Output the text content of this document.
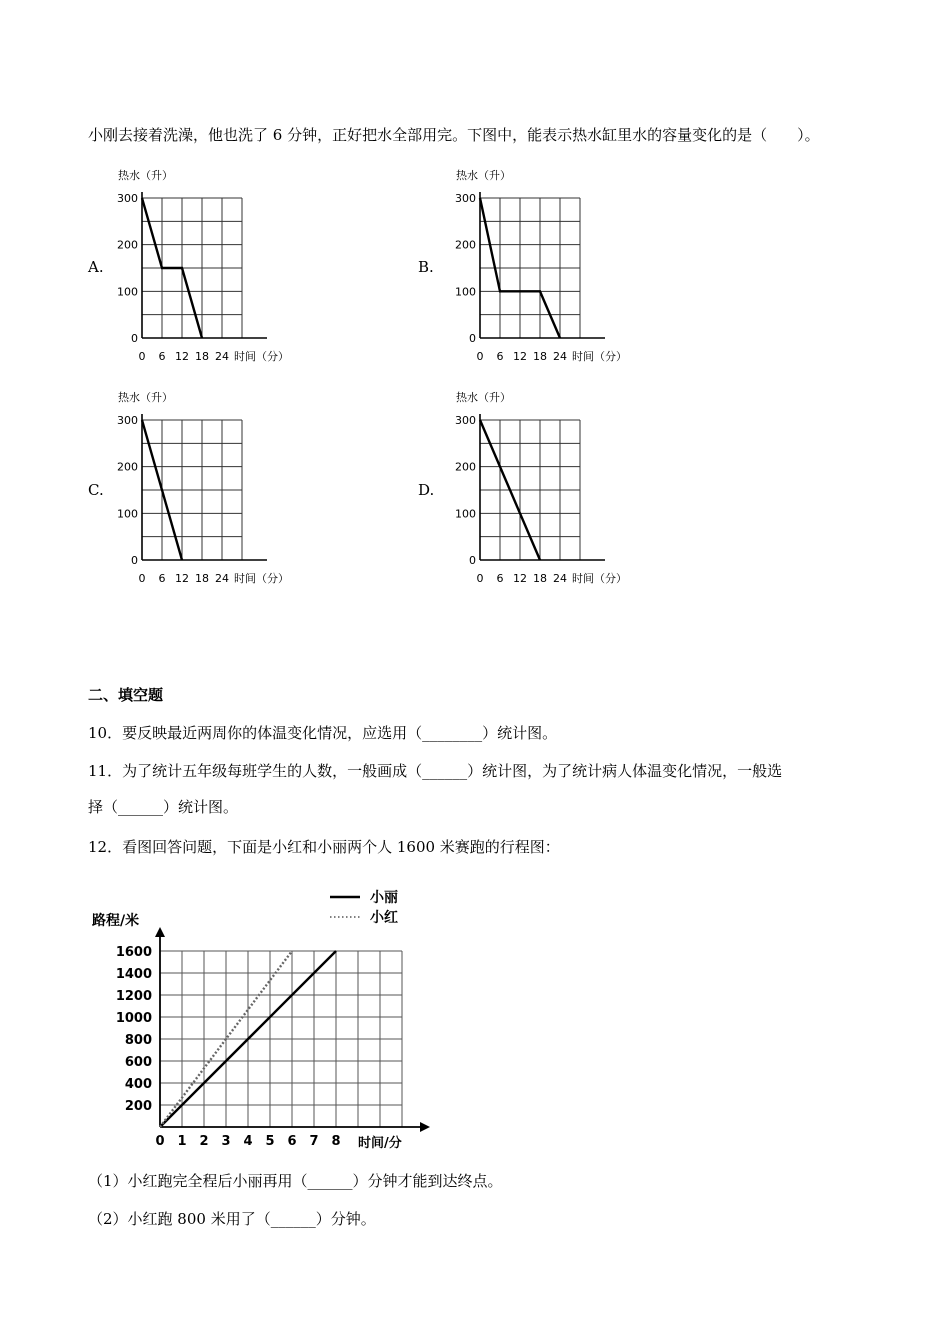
小刚去接着洗澡，他也洗了 6 分钟，正好把水全部用完。下图中，能表示热水缸里水的容量变化的是（　　）。
A.	B.
C.	D.
热水（升）
时间（分）
0
100
200
300
0 6 12 18 24
热水（升）
时间（分）
0
100
200
300
0 6 12 18 24
热水（升）
时间（分）
0
100
200
300
0 6 12 18 24
热水（升）
时间（分）
0
100
200
300
0 6 12 18 24
二、填空题
10．要反映最近两周你的体温变化情况，应选用（________）统计图。
11．为了统计五年级每班学生的人数，一般画成（______）统计图，为了统计病人体温变化情况，一般选
择（______）统计图。
12．看图回答问题，下面是小红和小丽两个人 1600 米赛跑的行程图：
路程/米
时间/分
200
400
600
800
1000
1200
1400
1600
0 1 2 3 4 5 6 7 8
小丽
小红
（1）小红跑完全程后小丽再用（______）分钟才能到达终点。
（2）小红跑 800 米用了（______）分钟。
